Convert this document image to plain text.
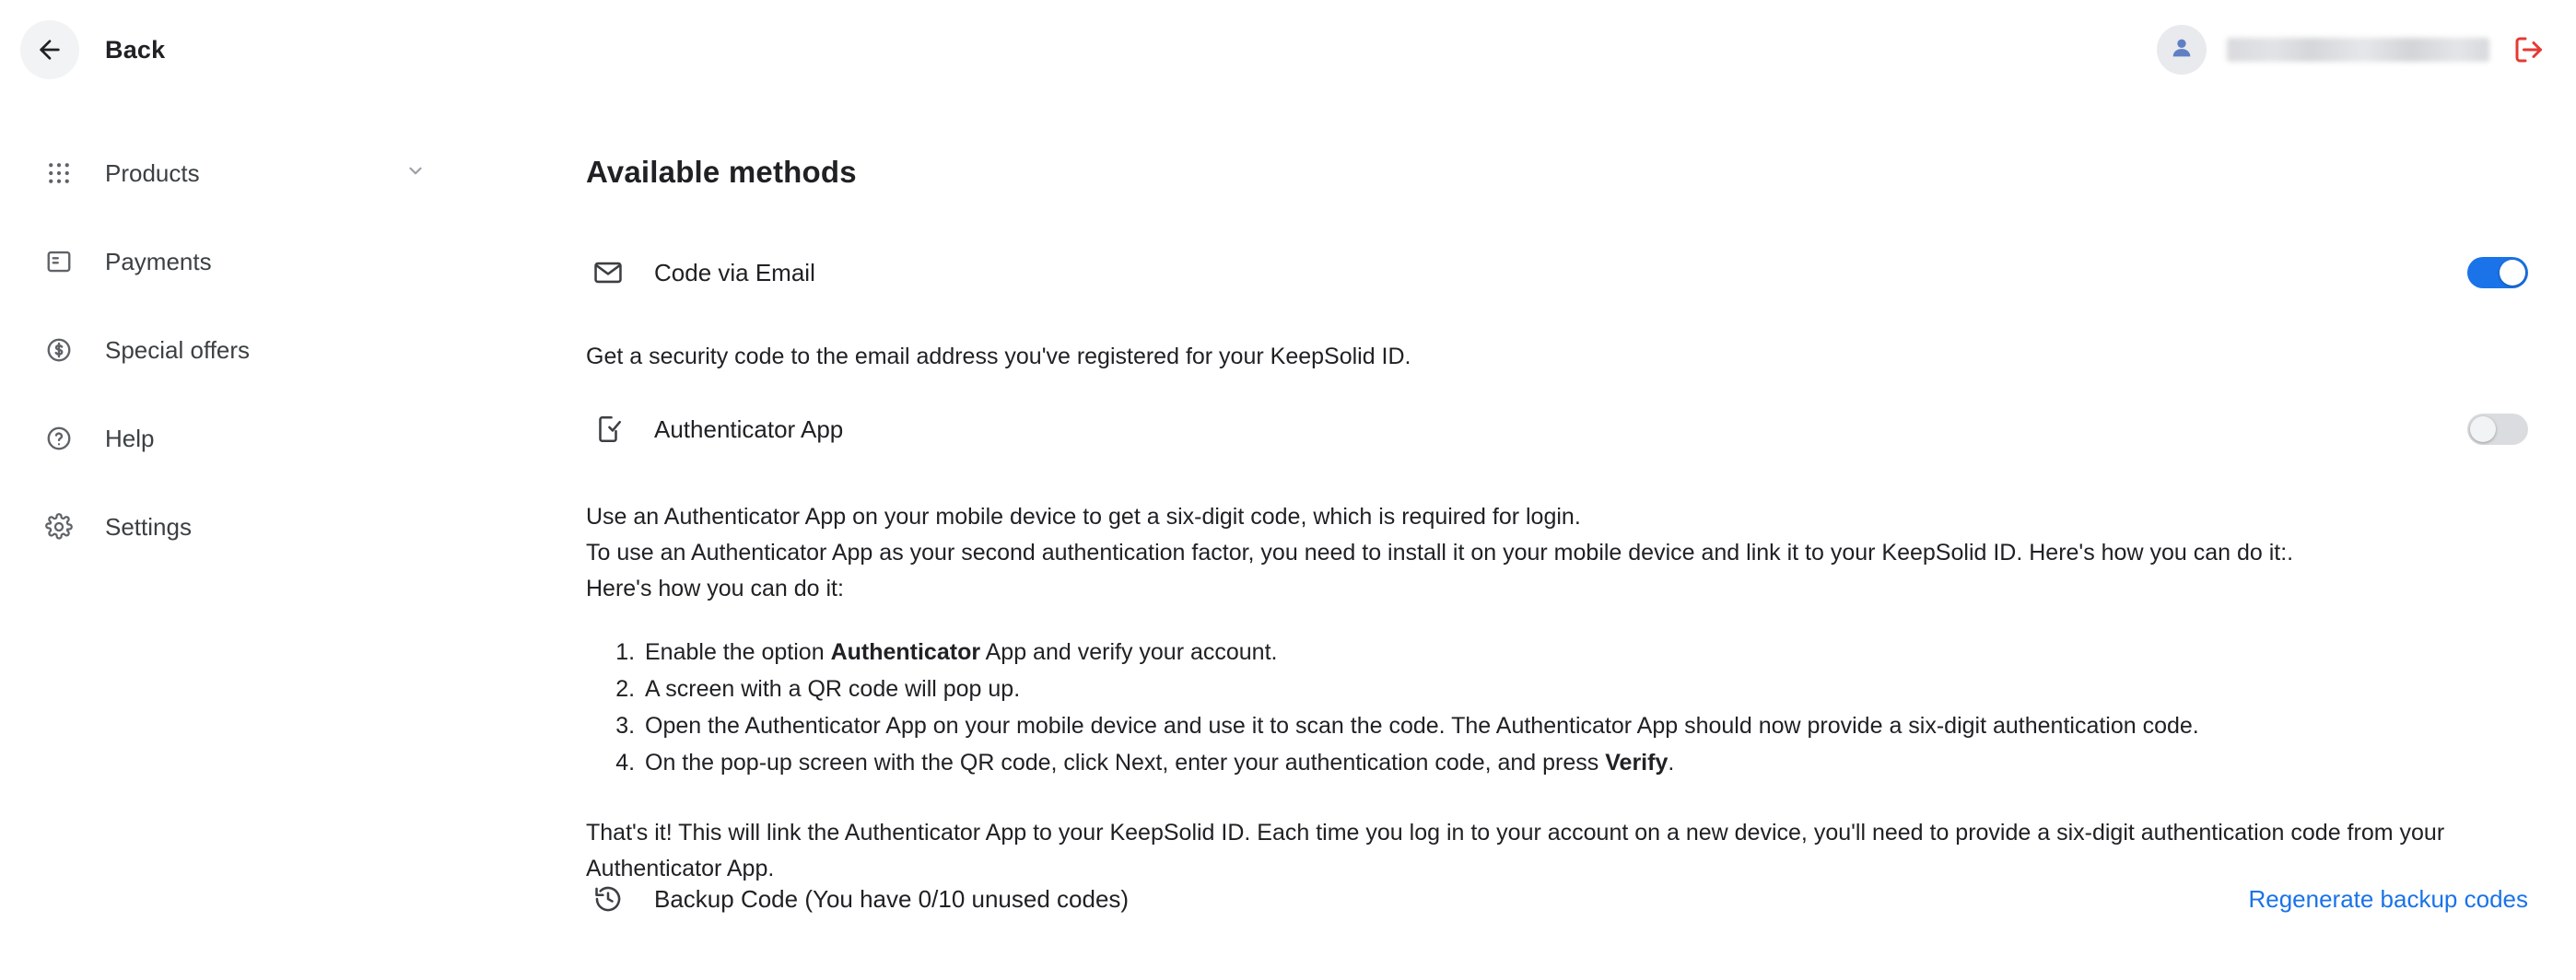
Back
Products
Payments
Special offers
Help
Settings
Available methods
Code via Email
Get a security code to the email address you've registered for your KeepSolid ID.
Authenticator App
Use an Authenticator App on your mobile device to get a six-digit code, which is required for login.
To use an Authenticator App as your second authentication factor, you need to install it on your mobile device and link it to your KeepSolid ID. Here's how you can do it:.
Here's how you can do it:
1. Enable the option Authenticator App and verify your account.
2. A screen with a QR code will pop up.
3. Open the Authenticator App on your mobile device and use it to scan the code. The Authenticator App should now provide a six-digit authentication code.
4. On the pop-up screen with the QR code, click Next, enter your authentication code, and press Verify.
That's it! This will link the Authenticator App to your KeepSolid ID. Each time you log in to your account on a new device, you'll need to provide a six-digit authentication code from your Authenticator App.
Backup Code (You have 0/10 unused codes)	Regenerate backup codes
